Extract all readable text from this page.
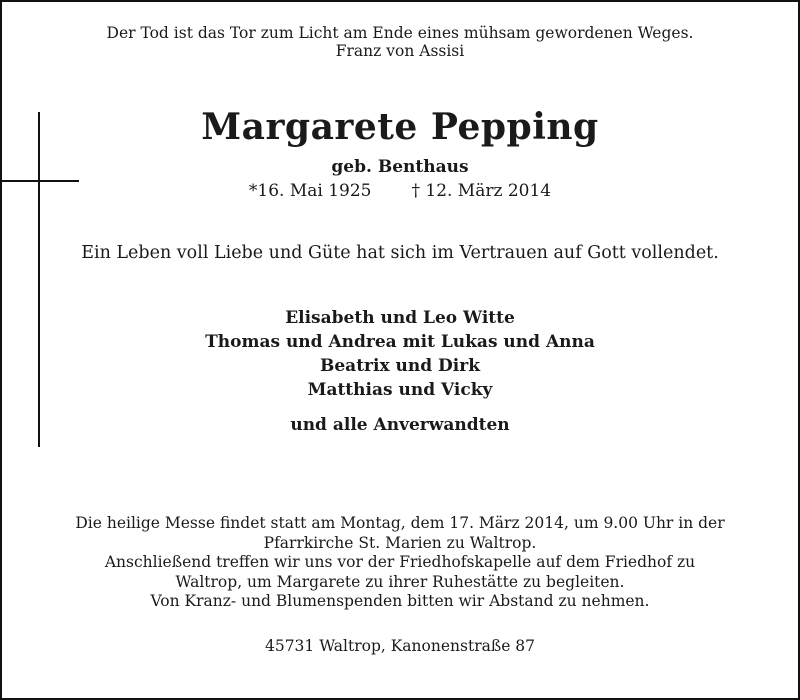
Der Tod ist das Tor zum Licht am Ende eines mühsam gewordenen Weges.
Franz von Assisi
Margarete Pepping
geb. Benthaus
*16. Mai 1925 † 12. März 2014
Ein Leben voll Liebe und Güte hat sich im Vertrauen auf Gott vollendet.
Elisabeth und Leo Witte
Thomas und Andrea mit Lukas und Anna
Beatrix und Dirk
Matthias und Vicky
und alle Anverwandten
Die heilige Messe findet statt am Montag, dem 17. März 2014, um 9.00 Uhr in der
Pfarrkirche St. Marien zu Waltrop.
Anschließend treffen wir uns vor der Friedhofskapelle auf dem Friedhof zu
Waltrop, um Margarete zu ihrer Ruhestätte zu begleiten.
Von Kranz- und Blumenspenden bitten wir Abstand zu nehmen.
45731 Waltrop, Kanonenstraße 87
